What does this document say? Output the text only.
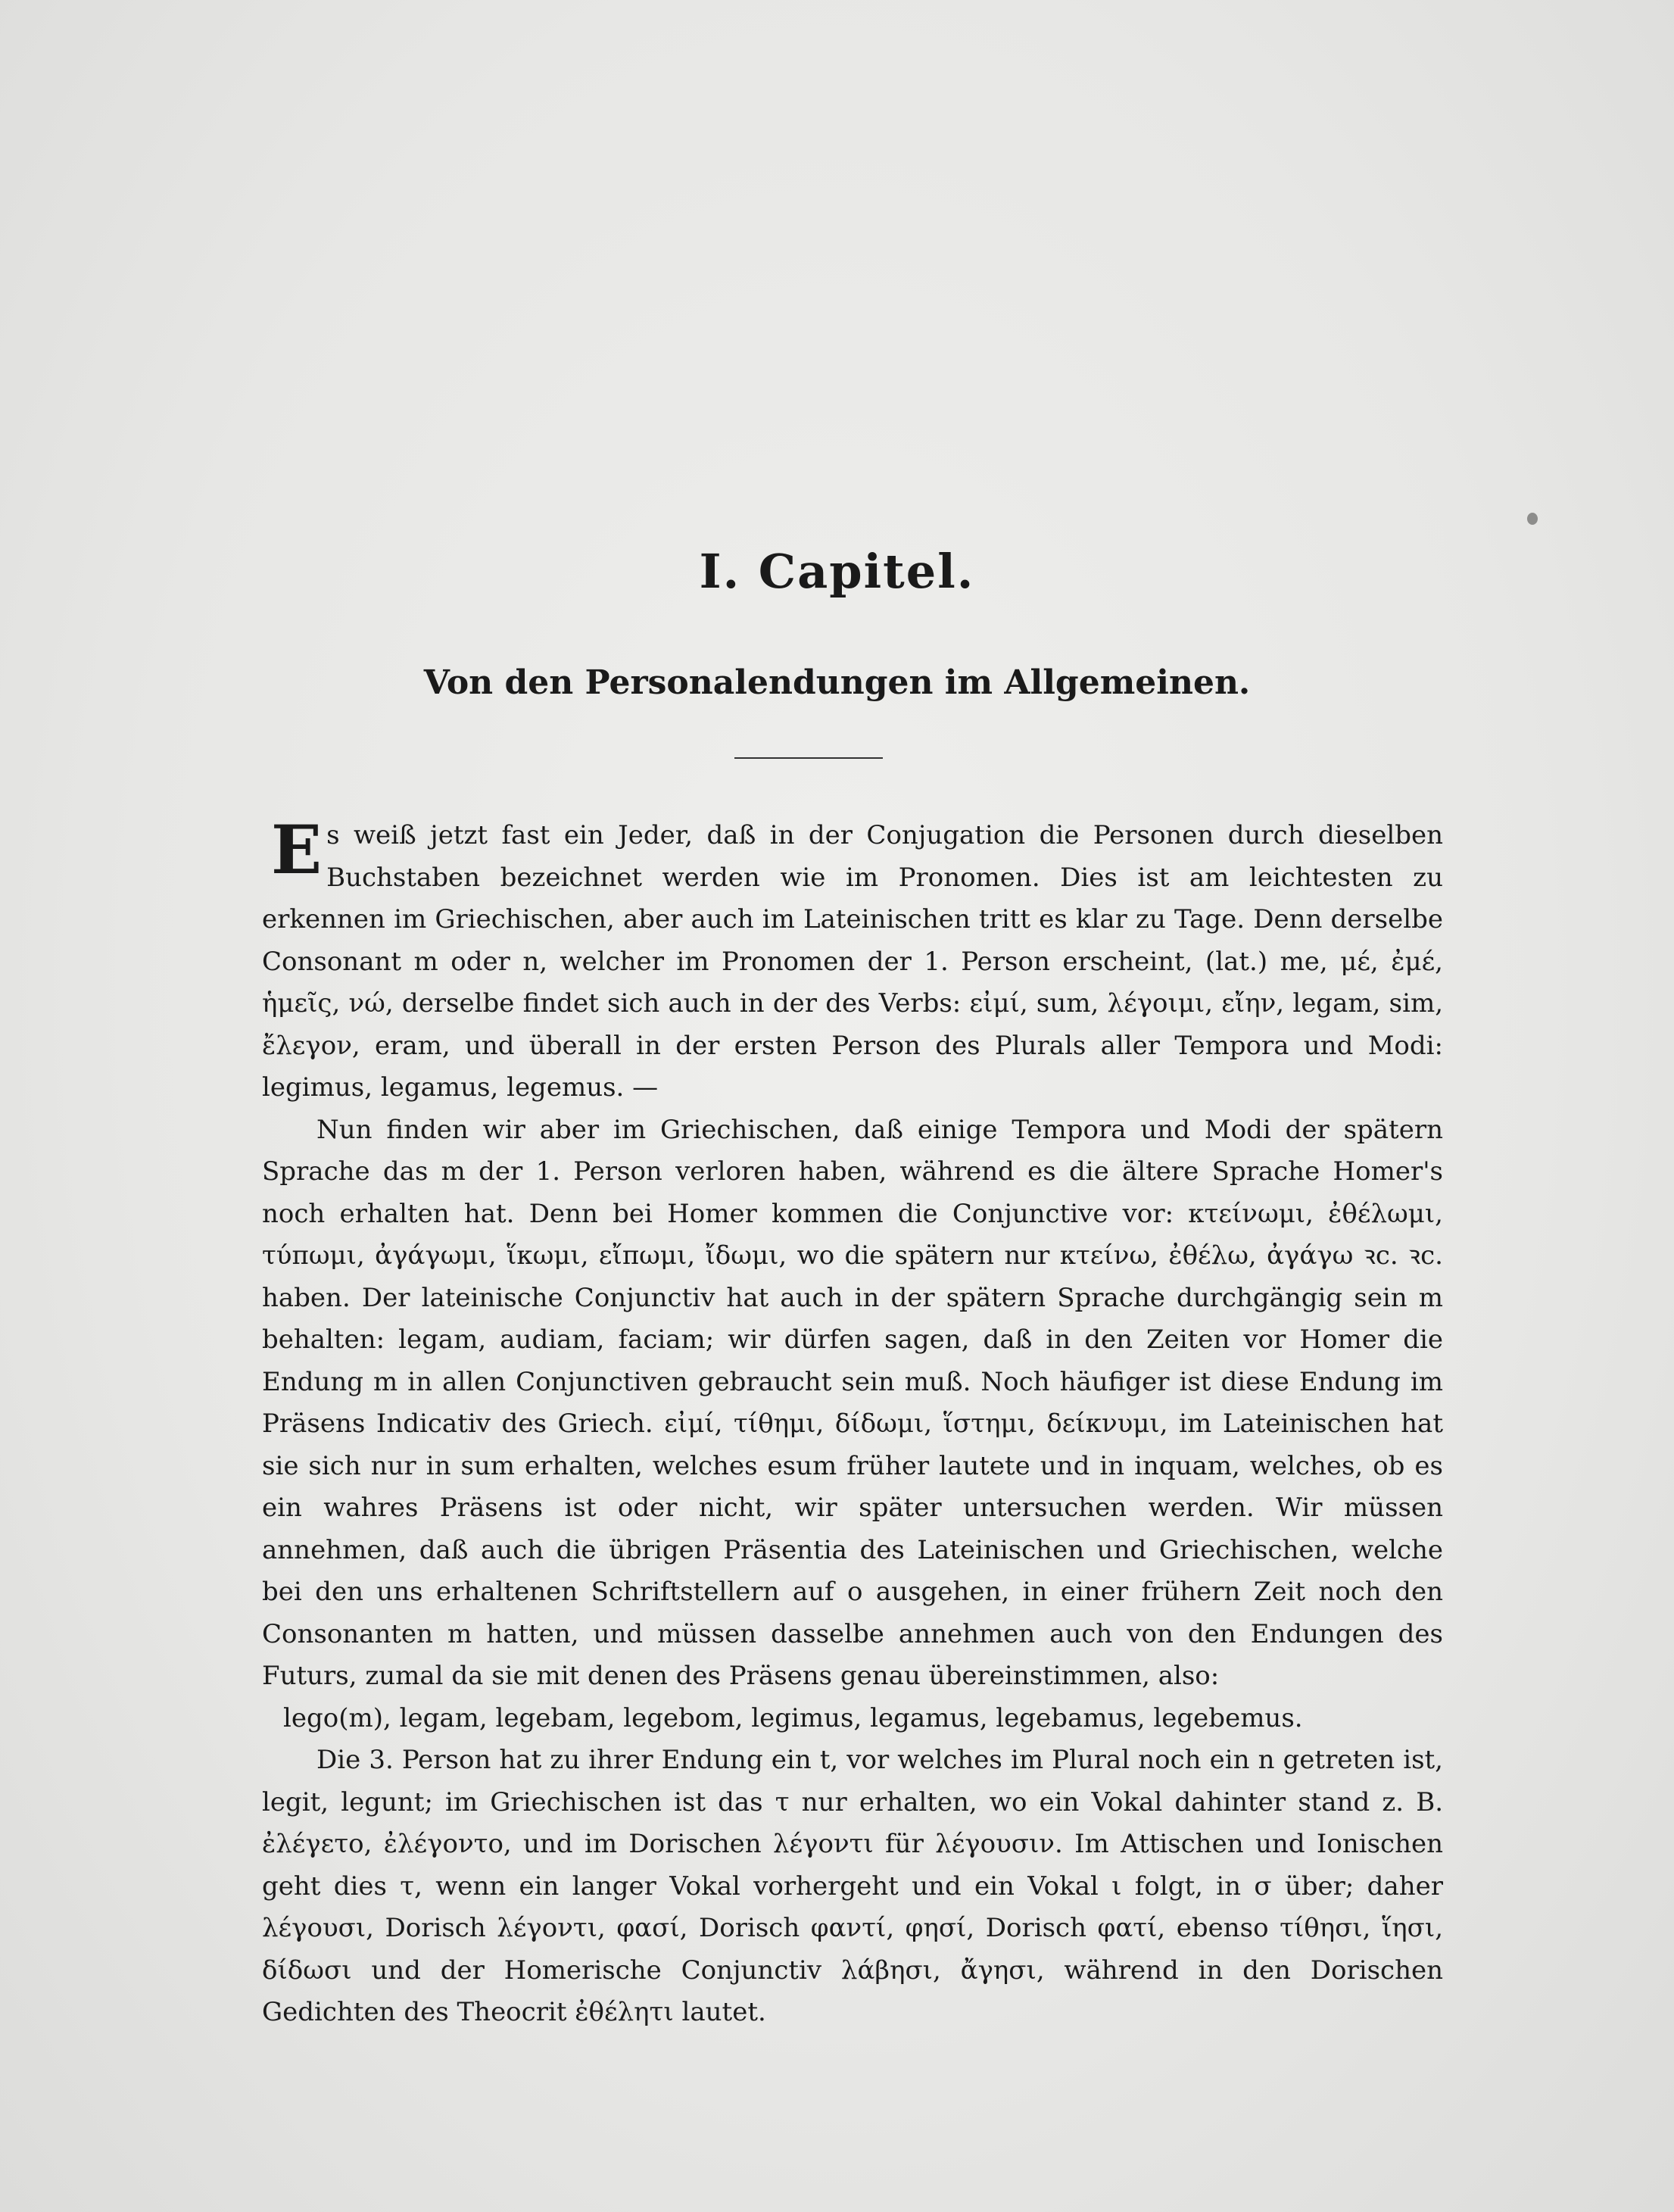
I. Capitel.
Von den Personalendungen im Allgemeinen.

Es weiß jetzt fast ein Jeder, daß in der Conjugation die Personen durch dieselben Buchstaben bezeichnet werden wie im Pronomen. Dies ist am leichtesten zu erkennen im Griechischen, aber auch im Lateinischen tritt es klar zu Tage. Denn derselbe Consonant m oder n, welcher im Pronomen der 1. Person erscheint, (lat.) me, μέ, ἐμέ, ἡμεῖς, νώ, derselbe findet sich auch in der des Verbs: εἰμί, sum, λέγοιμι, εἴην, legam, sim, ἔλεγον, eram, und überall in der ersten Person des Plurals aller Tempora und Modi: legimus, legamus, legemus. —

Nun finden wir aber im Griechischen, daß einige Tempora und Modi der spätern Sprache das m der 1. Person verloren haben, während es die ältere Sprache Homer's noch erhalten hat. Denn bei Homer kommen die Conjunctive vor: κτείνωμι, ἐθέλωμι, τύπωμι, ἀγάγωμι, ἵκωμι, εἴπωμι, ἴδωμι, wo die spätern nur κτείνω, ἐθέλω, ἀγάγω ꝛc. ꝛc. haben. Der lateinische Conjunctiv hat auch in der spätern Sprache durchgängig sein m behalten: legam, audiam, faciam; wir dürfen sagen, daß in den Zeiten vor Homer die Endung m in allen Conjunctiven gebraucht sein muß. Noch häufiger ist diese Endung im Präsens Indicativ des Griech. εἰμί, τίθημι, δίδωμι, ἵστημι, δείκνυμι, im Lateinischen hat sie sich nur in sum erhalten, welches esum früher lautete und in inquam, welches, ob es ein wahres Präsens ist oder nicht, wir später untersuchen werden. Wir müssen annehmen, daß auch die übrigen Präsentia des Lateinischen und Griechischen, welche bei den uns erhaltenen Schriftstellern auf o ausgehen, in einer frühern Zeit noch den Consonanten m hatten, und müssen dasselbe annehmen auch von den Endungen des Futurs, zumal da sie mit denen des Präsens genau übereinstimmen, also:

lego(m), legam, legebam, legebom, legimus, legamus, legebamus, legebemus.

Die 3. Person hat zu ihrer Endung ein t, vor welches im Plural noch ein n getreten ist, legit, legunt; im Griechischen ist das τ nur erhalten, wo ein Vokal dahinter stand z. B. ἐλέγετο, ἐλέγοντο, und im Dorischen λέγοντι für λέγουσιν. Im Attischen und Ionischen geht dies τ, wenn ein langer Vokal vorhergeht und ein Vokal ι folgt, in σ über; daher λέγουσι, Dorisch λέγοντι, φασί, Dorisch φαντί, φησί, Dorisch φατί, ebenso τίθησι, ἵησι, δίδωσι und der Homerische Conjunctiv λάβησι, ἄγησι, während in den Dorischen Gedichten des Theocrit ἐθέλητι lautet.
